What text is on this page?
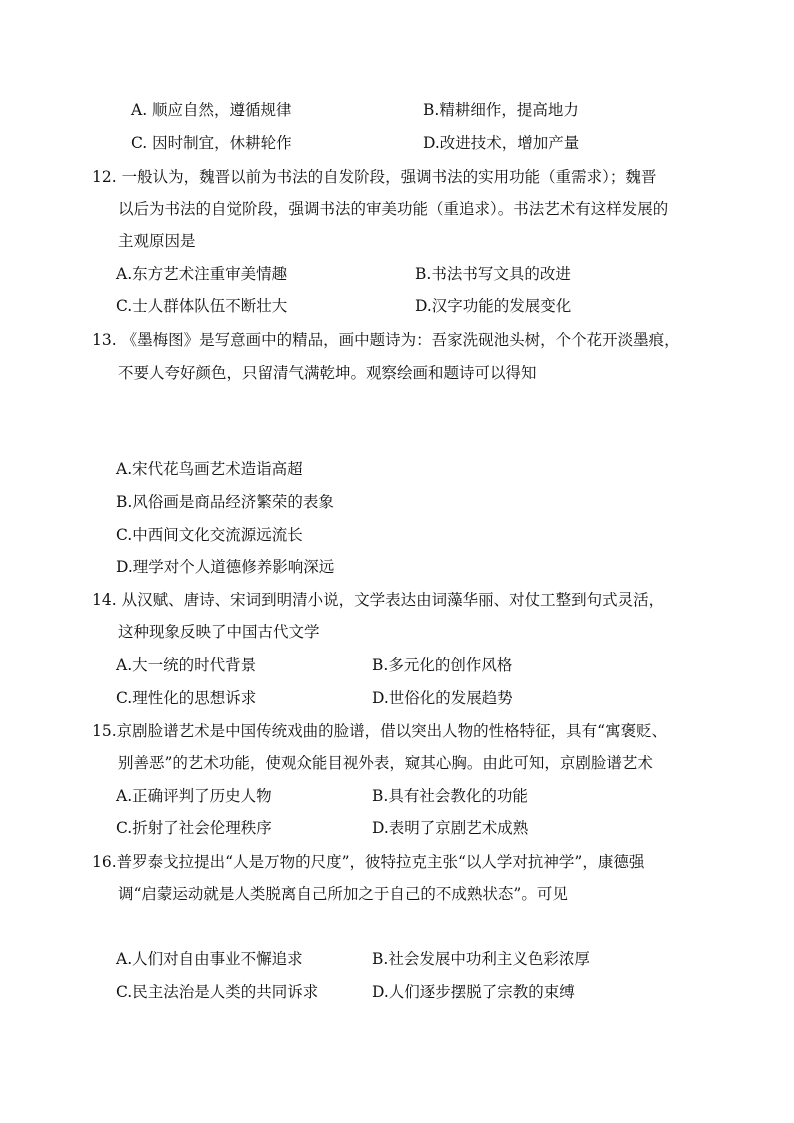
A. 顺应自然，遵循规律	B.精耕细作，提高地力
C. 因时制宜，休耕轮作	D.改进技术，增加产量
12. 一般认为，魏晋以前为书法的自发阶段，强调书法的实用功能（重需求）；魏晋
以后为书法的自觉阶段，强调书法的审美功能（重追求）。书法艺术有这样发展的
主观原因是
A.东方艺术注重审美情趣	B.书法书写文具的改进
C.士人群体队伍不断壮大	D.汉字功能的发展变化
13. 《墨梅图》是写意画中的精品，画中题诗为：吾家洗砚池头树，个个花开淡墨痕，
不要人夸好颜色，只留清气满乾坤。观察绘画和题诗可以得知
A.宋代花鸟画艺术造诣高超
B.风俗画是商品经济繁荣的表象
C.中西间文化交流源远流长
D.理学对个人道德修养影响深远
14. 从汉赋、唐诗、宋词到明清小说，文学表达由词藻华丽、对仗工整到句式灵活，
这种现象反映了中国古代文学
A.大一统的时代背景	B.多元化的创作风格
C.理性化的思想诉求	D.世俗化的发展趋势
15.京剧脸谱艺术是中国传统戏曲的脸谱，借以突出人物的性格特征，具有“寓褒贬、
别善恶”的艺术功能，使观众能目视外表，窥其心胸。由此可知，京剧脸谱艺术
A.正确评判了历史人物	B.具有社会教化的功能
C.折射了社会伦理秩序	D.表明了京剧艺术成熟
16.普罗泰戈拉提出“人是万物的尺度”，彼特拉克主张“以人学对抗神学”，康德强
调“启蒙运动就是人类脱离自己所加之于自己的不成熟状态”。可见
A.人们对自由事业不懈追求	B.社会发展中功利主义色彩浓厚
C.民主法治是人类的共同诉求	D.人们逐步摆脱了宗教的束缚
